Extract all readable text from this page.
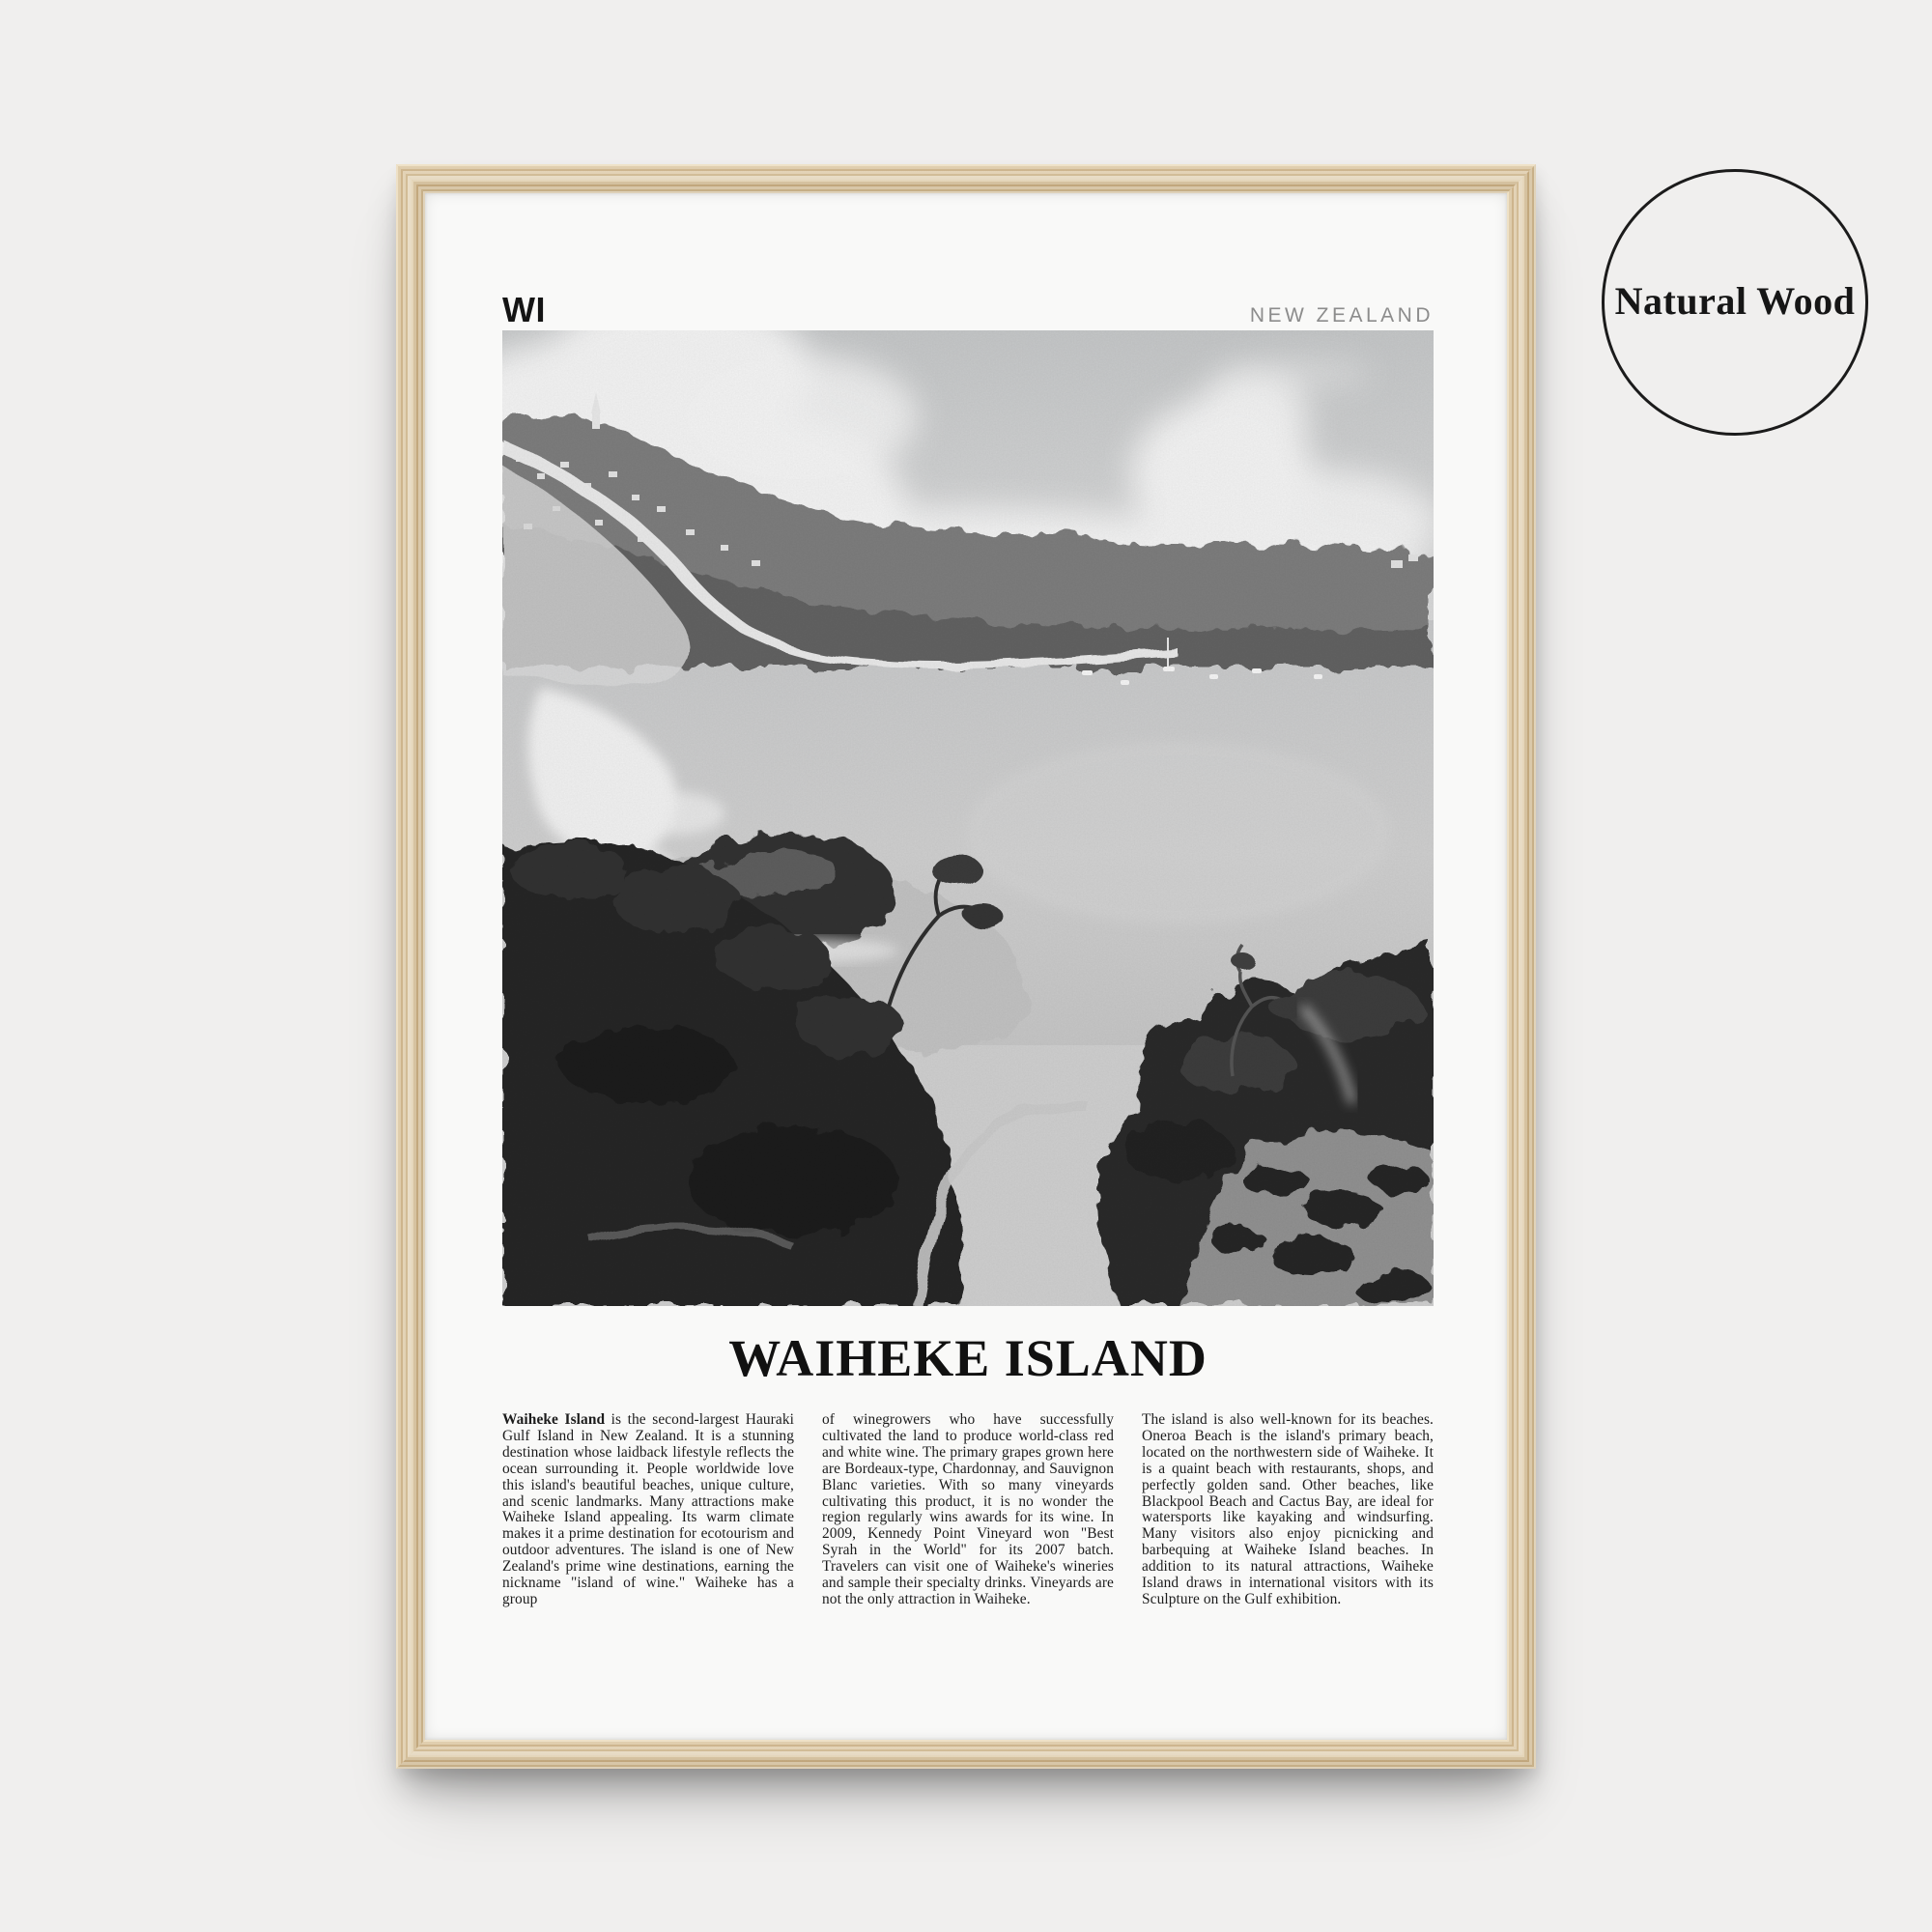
Natural Wood
WI	NEW ZEALAND
WAIHEKE ISLAND

Waiheke Island is the second-largest Hauraki Gulf Island in New Zealand. It is a stunning destination whose laidback lifestyle reflects the ocean surrounding it. People worldwide love this island's beautiful beaches, unique culture, and scenic landmarks. Many attractions make Waiheke Island appealing. Its warm climate makes it a prime destination for ecotourism and outdoor adventures. The island is one of New Zealand's prime wine destinations, earning the nickname "island of wine." Waiheke has a group

of winegrowers who have successfully cultivated the land to produce world-class red and white wine. The primary grapes grown here are Bordeaux-type, Chardonnay, and Sauvignon Blanc varieties. With so many vineyards cultivating this product, it is no wonder the region regularly wins awards for its wine. In 2009, Kennedy Point Vineyard won "Best Syrah in the World" for its 2007 batch. Travelers can visit one of Waiheke's wineries and sample their specialty drinks. Vineyards are not the only attraction in Waiheke.

The island is also well-known for its beaches. Oneroa Beach is the island's primary beach, located on the northwestern side of Waiheke. It is a quaint beach with restaurants, shops, and perfectly golden sand. Other beaches, like Blackpool Beach and Cactus Bay, are ideal for watersports like kayaking and windsurfing. Many visitors also enjoy picnicking and barbequing at Waiheke Island beaches. In addition to its natural attractions, Waiheke Island draws in international visitors with its Sculpture on the Gulf exhibition.
